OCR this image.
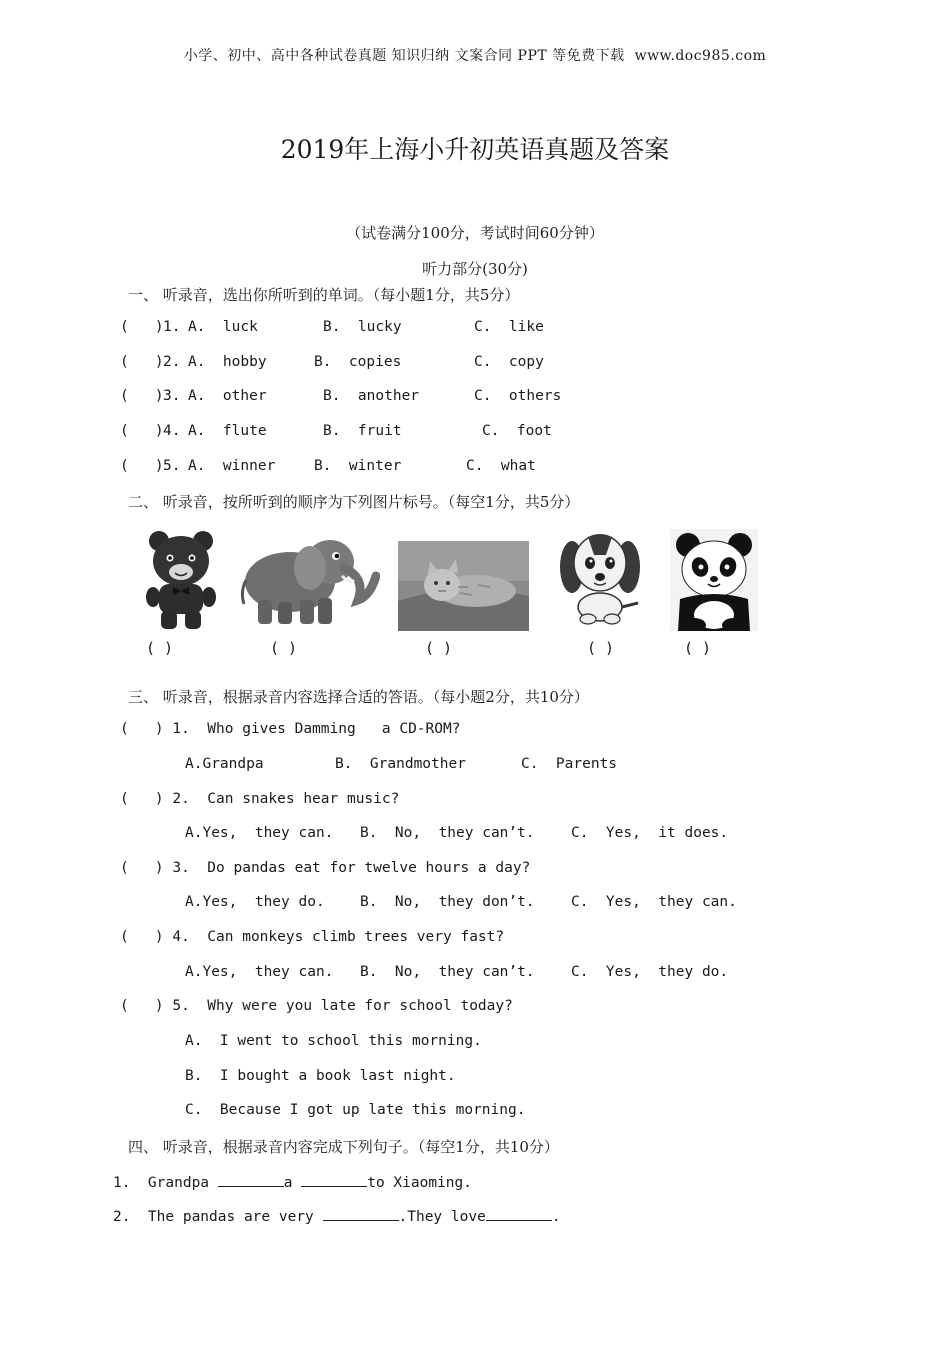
小学、初中、高中各种试卷真题 知识归纳 文案合同 PPT 等免费下载  www.doc985.com
2019年上海小升初英语真题及答案
（试卷满分100分，考试时间60分钟）
听力部分(30分)
一、 听录音，选出你所听到的单词。（每小题1分，共5分）
(   ) 1. A.  luck	B.  lucky	C.  like
(   ) 2. A.  hobby	B.  copies	C.  copy
(   ) 3. A.  other	B.  another	C.  others
(   ) 4. A.  flute	B.  fruit	C.  foot
(   ) 5. A.  winner	B.  winter	C.  what
二、 听录音，按所听到的顺序为下列图片标号。（每空1分，共5分）
( )	( )	( )	( )	( )
三、 听录音，根据录音内容选择合适的答语。（每小题2分，共10分）
(   ) 1.  Who gives Damming   a CD-ROM?
A.Grandpa	B.  Grandmother	C.  Parents
(   ) 2.  Can snakes hear music?
A.Yes,  they can. B.  No,  they can’t.	C.  Yes,  it does.
(   ) 3.  Do pandas eat for twelve hours a day?
A.Yes,  they do. B.  No,  they don’t.	C.  Yes,  they can.
(   ) 4.  Can monkeys climb trees very fast?
A.Yes,  they can. B.  No,  they can’t.	C.  Yes,  they do.
(   ) 5.  Why were you late for school today?
A.  I went to school this morning.
B.  I bought a book last night.
C.  Because I got up late this morning.
四、 听录音，根据录音内容完成下列句子。（每空1分，共10分）
1.  Grandpa	a	to Xiaoming.
2.  The pandas are very	.They love	.
